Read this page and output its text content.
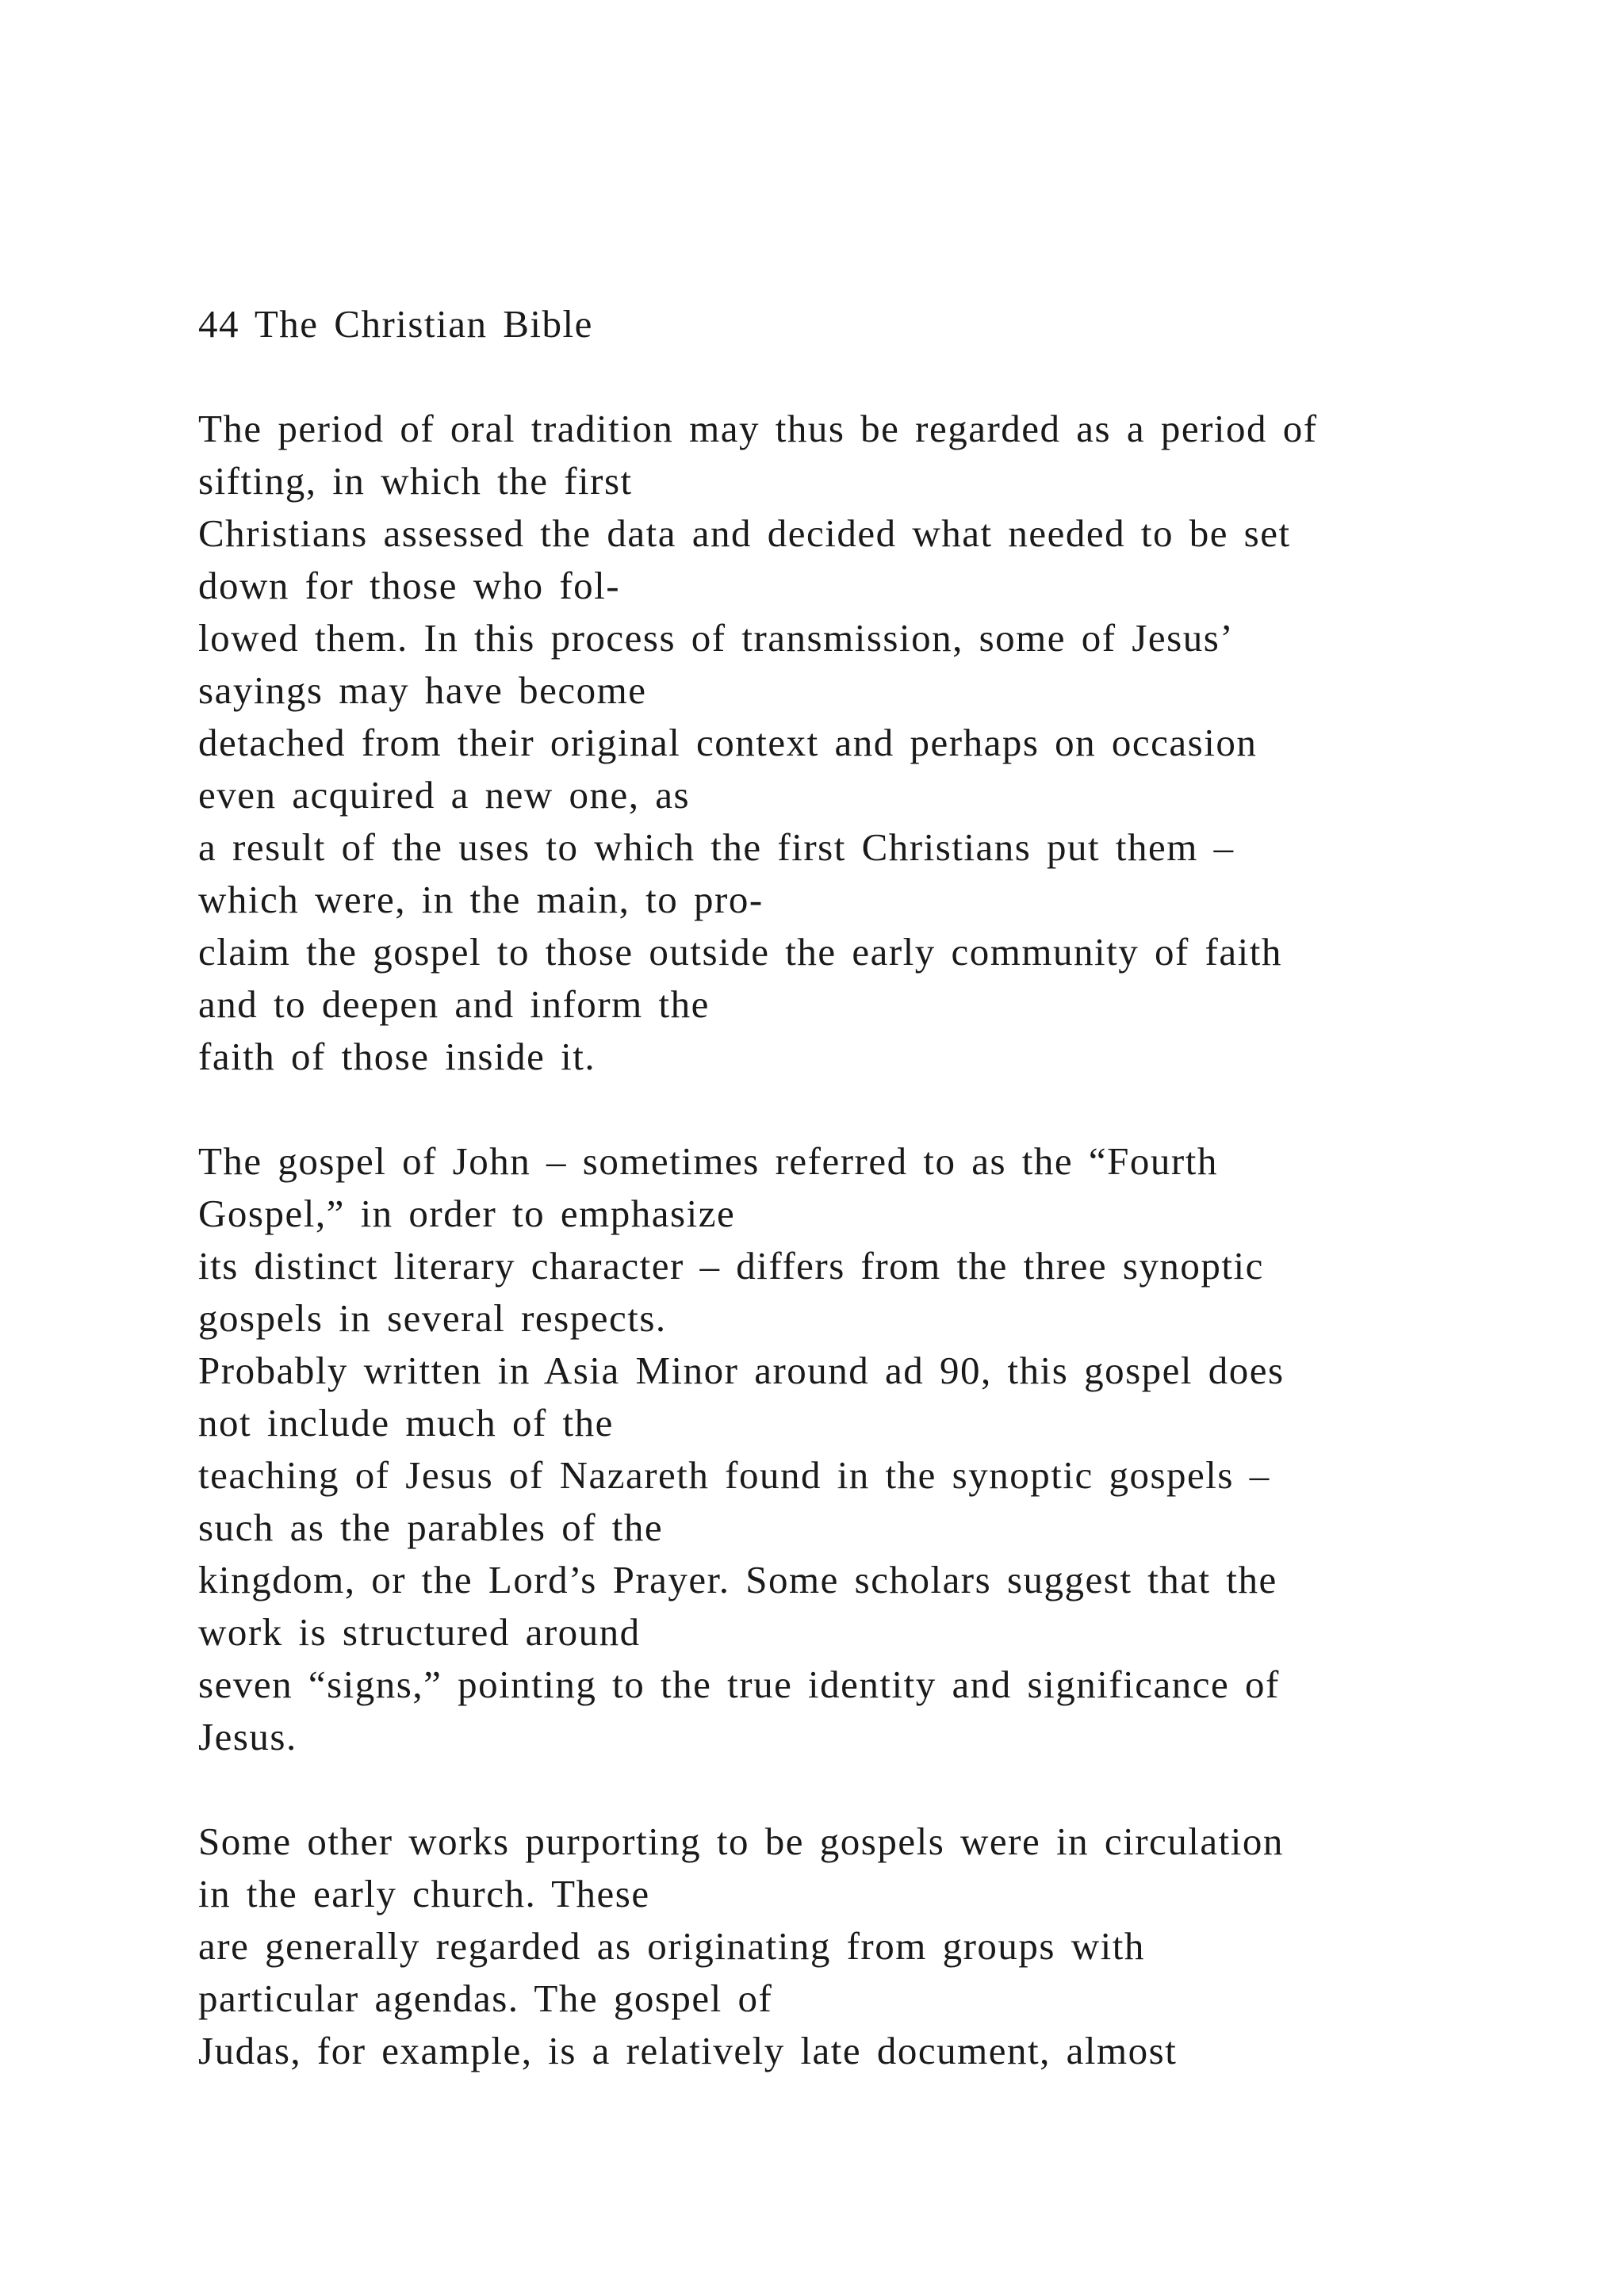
44 The Christian Bible
The period of oral tradition may thus be regarded as a period of
sifting, in which the first
Christians assessed the data and decided what needed to be set
down for those who fol-
lowed them. In this process of transmission, some of Jesus’
sayings may have become
detached from their original context and perhaps on occasion
even acquired a new one, as
a result of the uses to which the first Christians put them –
which were, in the main, to pro-
claim the gospel to those outside the early community of faith
and to deepen and inform the
faith of those inside it.
The gospel of John – sometimes referred to as the “Fourth
Gospel,” in order to emphasize
its distinct literary character – differs from the three synoptic
gospels in several respects.
Probably written in Asia Minor around ad 90, this gospel does
not include much of the
teaching of Jesus of Nazareth found in the synoptic gospels –
such as the parables of the
kingdom, or the Lord’s Prayer. Some scholars suggest that the
work is structured around
seven “signs,” pointing to the true identity and significance of
Jesus.
Some other works purporting to be gospels were in circulation
in the early church. These
are generally regarded as originating from groups with
particular agendas. The gospel of
Judas, for example, is a relatively late document, almost
